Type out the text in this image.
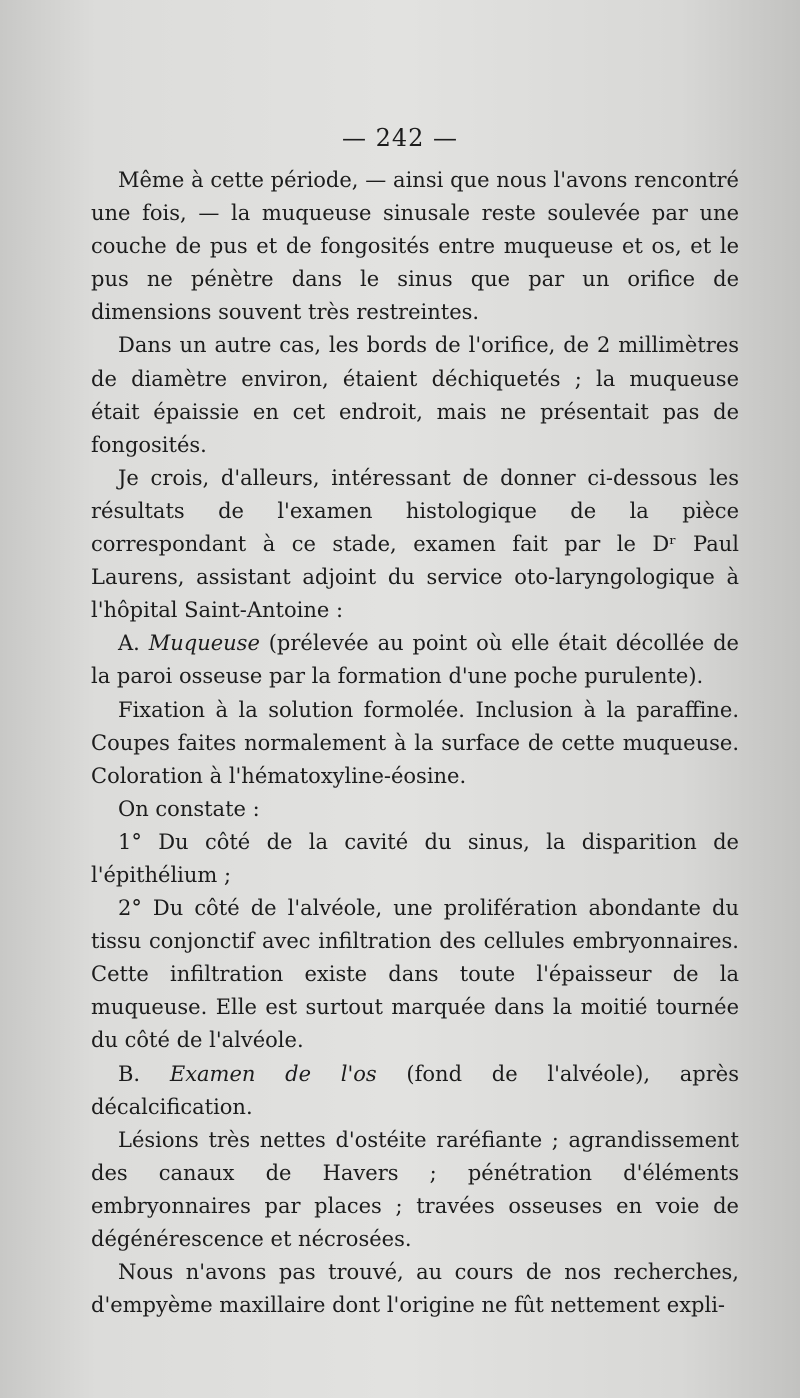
— 242 —

Même à cette période, — ainsi que nous l'avons rencontré une fois, — la muqueuse sinusale reste soulevée par une couche de pus et de fongosités entre muqueuse et os, et le pus ne pénètre dans le sinus que par un orifice de dimensions souvent très restreintes.

Dans un autre cas, les bords de l'orifice, de 2 millimètres de diamètre environ, étaient déchiquetés ; la muqueuse était épaissie en cet endroit, mais ne présentait pas de fongosités.

Je crois, d'alleurs, intéressant de donner ci-dessous les résultats de l'examen histologique de la pièce correspondant à ce stade, examen fait par le Dʳ Paul Laurens, assistant adjoint du service oto-laryngologique à l'hôpital Saint-Antoine :

A. Muqueuse (prélevée au point où elle était décollée de la paroi osseuse par la formation d'une poche purulente).

Fixation à la solution formolée. Inclusion à la paraffine. Coupes faites normalement à la surface de cette muqueuse. Coloration à l'hématoxyline-éosine.

On constate :

1° Du côté de la cavité du sinus, la disparition de l'épithélium ;

2° Du côté de l'alvéole, une prolifération abondante du tissu conjonctif avec infiltration des cellules embryonnaires. Cette infiltration existe dans toute l'épaisseur de la muqueuse. Elle est surtout marquée dans la moitié tournée du côté de l'alvéole.

B. Examen de l'os (fond de l'alvéole), après décalcification.

Lésions très nettes d'ostéite raréfiante ; agrandissement des canaux de Havers ; pénétration d'éléments embryonnaires par places ; travées osseuses en voie de dégénérescence et nécrosées.

Nous n'avons pas trouvé, au cours de nos recherches, d'empyème maxillaire dont l'origine ne fût nettement expli-
